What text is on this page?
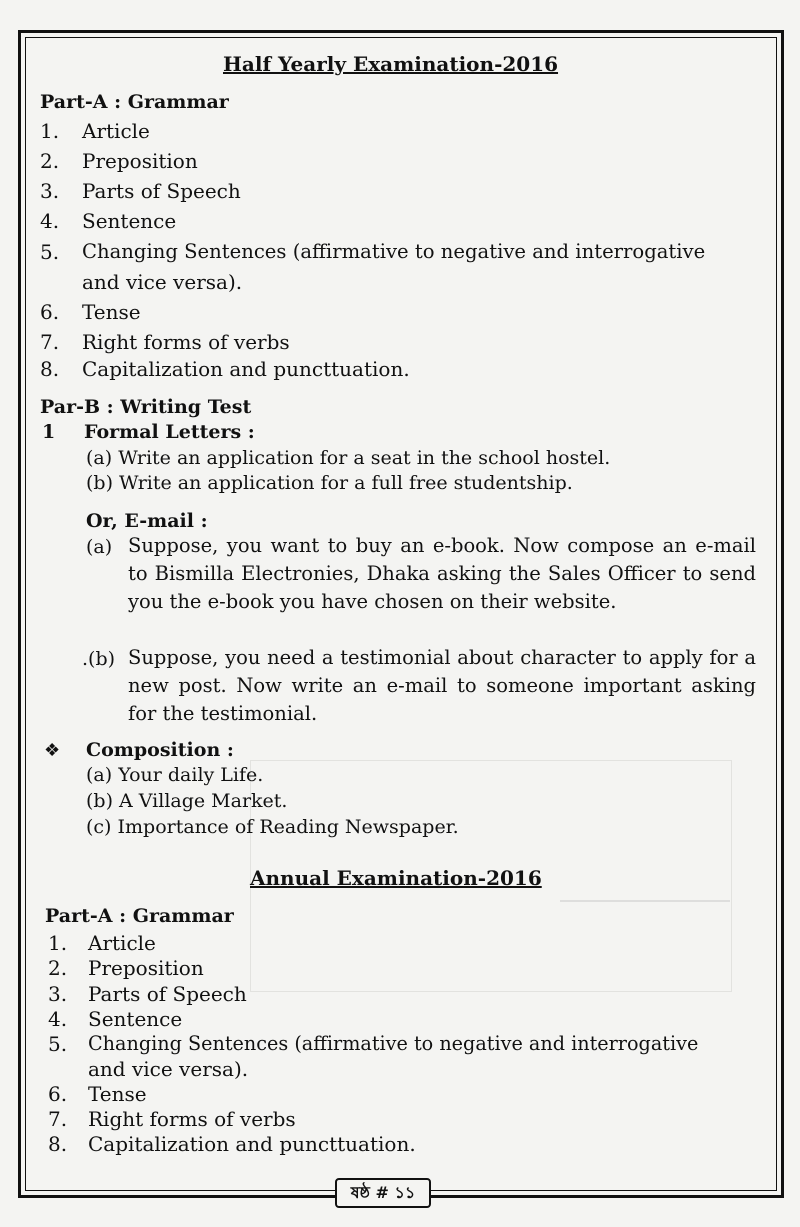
Half Yearly Examination-2016
Part-A : Grammar
1. Article
2. Preposition
3. Parts of Speech
4. Sentence
5. Changing Sentences (affirmative to negative and interrogative
and vice versa).
6. Tense
7. Right forms of verbs
8. Capitalization and puncttuation.
Par-B : Writing Test
1 Formal Letters :
(a) Write an application for a seat in the school hostel.
(b) Write an application for a full free studentship.
Or, E-mail :
(a) Suppose, you want to buy an e-book. Now compose an e-mail to Bismilla Electronies, Dhaka asking the Sales Officer to send you the e-book you have chosen on their website.
.(b) Suppose, you need a testimonial about character to apply for a new post. Now write an e-mail to someone important asking for the testimonial.
❖ Composition :
(a) Your daily Life.
(b) A Village Market.
(c) Importance of Reading Newspaper.
Annual Examination-2016
Part-A : Grammar
1. Article
2. Preposition
3. Parts of Speech
4. Sentence
5. Changing Sentences (affirmative to negative and interrogative
and vice versa).
6. Tense
7. Right forms of verbs
8. Capitalization and puncttuation.
ষষ্ঠ # ১১
